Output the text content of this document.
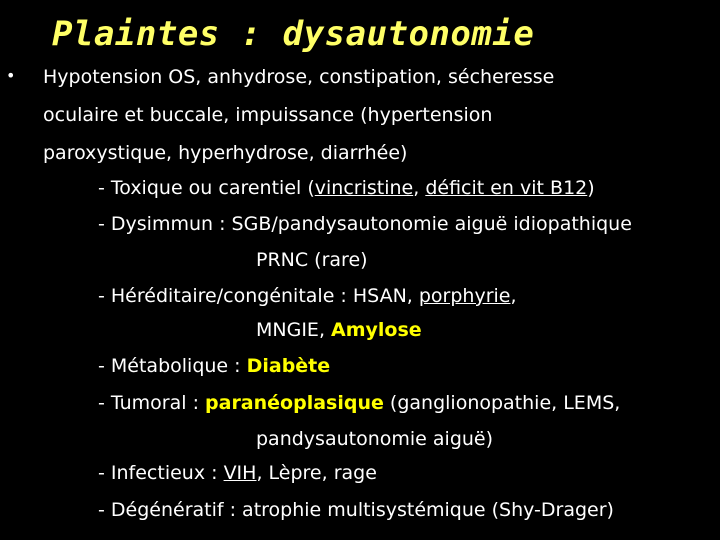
Plaintes : dysautonomie
• Hypotension OS, anhydrose, constipation, sécheresse
oculaire et buccale, impuissance (hypertension
paroxystique, hyperhydrose, diarrhée)
- Toxique ou carentiel (vincristine, déficit en vit B12)
- Dysimmun : SGB/pandysautonomie aiguë idiopathique
PRNC (rare)
- Héréditaire/congénitale : HSAN, porphyrie,
MNGIE, Amylose
- Métabolique : Diabète
- Tumoral : paranéoplasique (ganglionopathie, LEMS,
pandysautonomie aiguë)
- Infectieux : VIH, Lèpre, rage
- Dégénératif : atrophie multisystémique (Shy-Drager)
